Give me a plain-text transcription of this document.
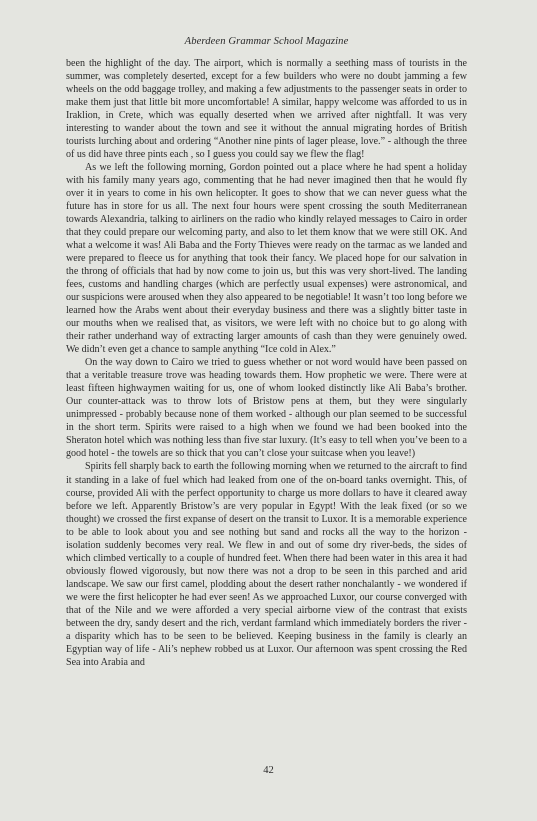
Aberdeen Grammar School Magazine

been the highlight of the day. The airport, which is normally a seething mass of tourists in the summer, was completely deserted, except for a few builders who were no doubt jamming a few wheels on the odd baggage trolley, and making a few adjustments to the passenger seats in order to make them just that little bit more uncomfortable! A similar, happy welcome was afforded to us in Iraklion, in Crete, which was equally deserted when we arrived after nightfall. It was very interesting to wander about the town and see it without the annual migrating hordes of British tourists lurching about and ordering “Another nine pints of lager please, love.” - although the three of us did have three pints each , so I guess you could say we flew the flag!

As we left the following morning, Gordon pointed out a place where he had spent a holiday with his family many years ago, commenting that he had never imagined then that he would fly over it in years to come in his own helicopter. It goes to show that we can never guess what the future has in store for us all. The next four hours were spent crossing the south Mediterranean towards Alexandria, talking to airliners on the radio who kindly relayed messages to Cairo in order that they could prepare our welcoming party, and also to let them know that we were still OK. And what a welcome it was! Ali Baba and the Forty Thieves were ready on the tarmac as we landed and were prepared to fleece us for anything that took their fancy. We placed hope for our salvation in the throng of officials that had by now come to join us, but this was very short-lived. The landing fees, customs and handling charges (which are perfectly usual expenses) were astronomical, and our suspicions were aroused when they also appeared to be negotiable! It wasn’t too long before we learned how the Arabs went about their everyday business and there was a slightly bitter taste in our mouths when we realised that, as visitors, we were left with no choice but to go along with their rather underhand way of extracting larger amounts of cash than they were genuinely owed. We didn’t even get a chance to sample anything “Ice cold in Alex.”

On the way down to Cairo we tried to guess whether or not word would have been passed on that a veritable treasure trove was heading towards them. How prophetic we were. There were at least fifteen highwaymen waiting for us, one of whom looked distinctly like Ali Baba’s brother. Our counter-attack was to throw lots of Bristow pens at them, but they were singularly unimpressed - probably because none of them worked - although our plan seemed to be successful in the short term. Spirits were raised to a high when we found we had been booked into the Sheraton hotel which was nothing less than five star luxury. (It’s easy to tell when you’ve been to a good hotel - the towels are so thick that you can’t close your suitcase when you leave!)

Spirits fell sharply back to earth the following morning when we returned to the aircraft to find it standing in a lake of fuel which had leaked from one of the on-board tanks overnight. This, of course, provided Ali with the perfect opportunity to charge us more dollars to have it cleared away before we left. Apparently Bristow’s are very popular in Egypt! With the leak fixed (or so we thought) we crossed the first expanse of desert on the transit to Luxor. It is a memorable experience to be able to look about you and see nothing but sand and rocks all the way to the horizon - isolation suddenly becomes very real. We flew in and out of some dry river-beds, the sides of which climbed vertically to a couple of hundred feet. When there had been water in this area it had obviously flowed vigorously, but now there was not a drop to be seen in this parched and arid landscape. We saw our first camel, plodding about the desert rather nonchalantly - we wondered if we were the first helicopter he had ever seen! As we approached Luxor, our course converged with that of the Nile and we were afforded a very special airborne view of the contrast that exists between the dry, sandy desert and the rich, verdant farmland which immediately borders the river - a disparity which has to be seen to be believed. Keeping business in the family is clearly an Egyptian way of life - Ali’s nephew robbed us at Luxor. Our afternoon was spent crossing the Red Sea into Arabia and

42
